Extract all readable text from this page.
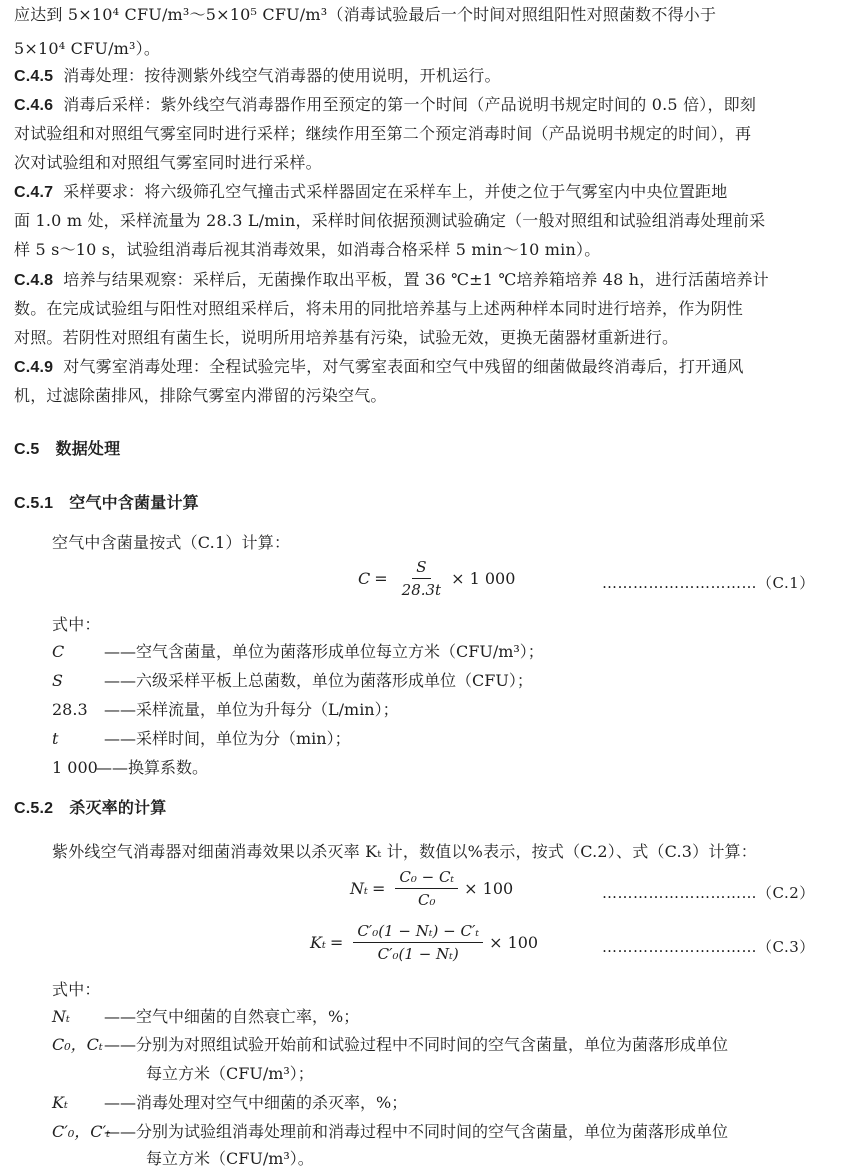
应达到 5×10⁴ CFU/m³～5×10⁵ CFU/m³（消毒试验最后一个时间对照组阳性对照菌数不得小于
5×10⁴ CFU/m³）。
C.4.5 消毒处理：按待测紫外线空气消毒器的使用说明，开机运行。
C.4.6 消毒后采样：紫外线空气消毒器作用至预定的第一个时间（产品说明书规定时间的 0.5 倍），即刻
对试验组和对照组气雾室同时进行采样；继续作用至第二个预定消毒时间（产品说明书规定的时间），再
次对试验组和对照组气雾室同时进行采样。
C.4.7 采样要求：将六级筛孔空气撞击式采样器固定在采样车上，并使之位于气雾室内中央位置距地
面 1.0 m 处，采样流量为 28.3 L/min，采样时间依据预测试验确定（一般对照组和试验组消毒处理前采
样 5 s～10 s，试验组消毒后视其消毒效果，如消毒合格采样 5 min～10 min）。
C.4.8 培养与结果观察：采样后，无菌操作取出平板，置 36 ℃±1 ℃培养箱培养 48 h，进行活菌培养计
数。在完成试验组与阳性对照组采样后，将未用的同批培养基与上述两种样本同时进行培养，作为阴性
对照。若阴性对照组有菌生长，说明所用培养基有污染，试验无效，更换无菌器材重新进行。
C.4.9 对气雾室消毒处理：全程试验完毕，对气雾室表面和空气中残留的细菌做最终消毒后，打开通风
机，过滤除菌排风，排除气雾室内滞留的污染空气。
C.5 数据处理
C.5.1 空气中含菌量计算
空气中含菌量按式（C.1）计算：
$C = \frac{S}{28.3t} \times 1$ 000	…………………………（C.1）
式中：
C ——空气含菌量，单位为菌落形成单位每立方米（CFU/m³）；
S	——六级采样平板上总菌数，单位为菌落形成单位（CFU）；
28.3 ——采样流量，单位为升每分（L/min）；
t	——采样时间，单位为分（min）；
1 000
——换算系数。
C.5.2 杀灭率的计算
紫外线空气消毒器对细菌消毒效果以杀灭率 Kₜ 计，数值以%表示，按式（C.2）、式（C.3）计算：
$N_t = \frac{\text{C₀ − Cₜ}}{\text{C₀}} \times 100$	…………………………（C.2）
$K_t = \frac{\text{C′₀(1 − Nₜ) − C′ₜ}}{\text{C′₀(1 − Nₜ)}} \times 100$	…………………………（C.3）
式中：
Nₜ ——空气中细菌的自然衰亡率，%；
C₀，Cₜ ——分别为对照组试验开始前和试验过程中不同时间的空气含菌量，单位为菌落形成单位
每立方米（CFU/m³）；
Kₜ ——消毒处理对空气中细菌的杀灭率，%；
C′₀，C′ₜ
——分别为试验组消毒处理前和消毒过程中不同时间的空气含菌量，单位为菌落形成单位
每立方米（CFU/m³）。
